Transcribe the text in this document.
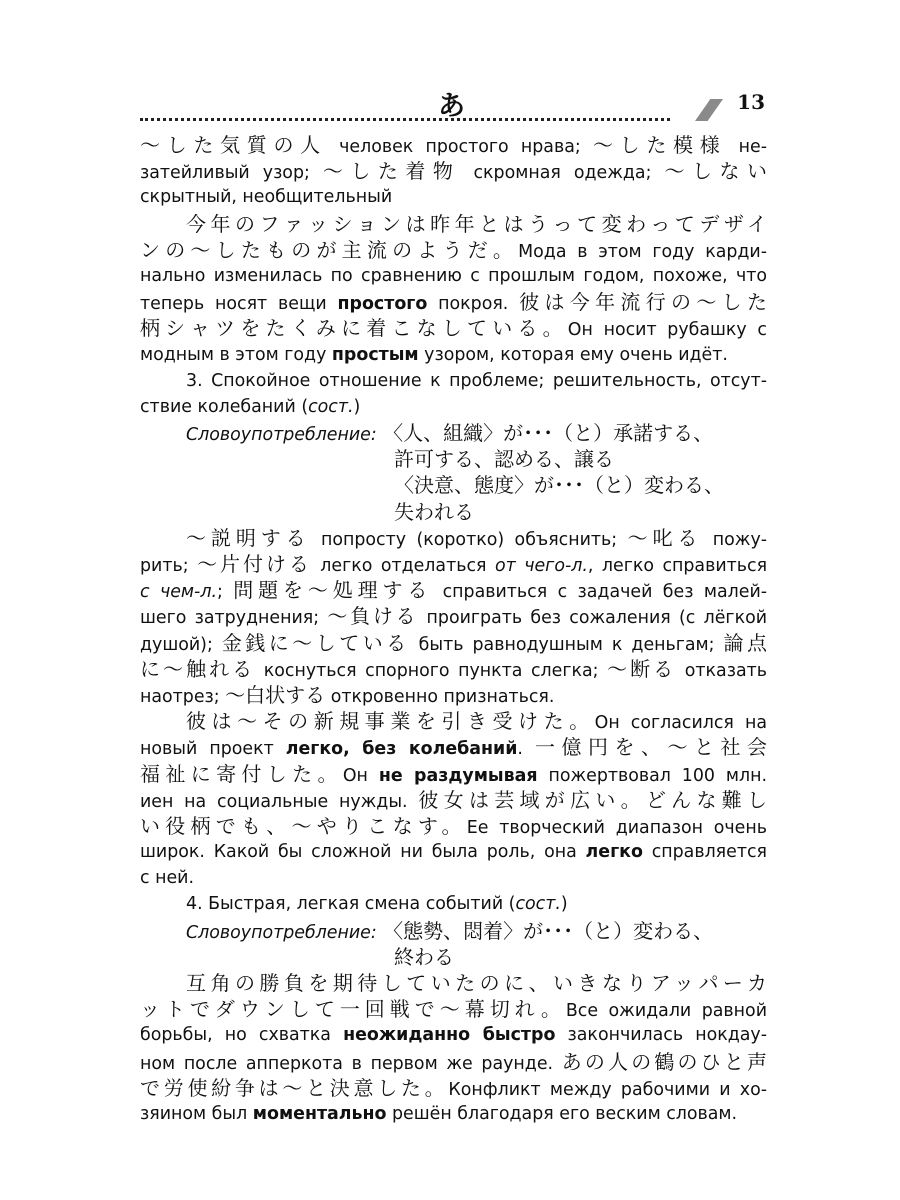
あ	13
～した気質の人 человек простого нрава; ～した模様 не-
затейливый узор; ～した着物 скромная одежда; ～しない
скрытный, необщительный
今年のファッションは昨年とはうって変わってデザイ
ンの～したものが主流のようだ。Мода в этом году карди-
нально изменилась по сравнению с прошлым годом, похоже, что
теперь носят вещи простого покроя. 彼は今年流行の～した
柄シャツをたくみに着こなしている。Он носит рубашку с
модным в этом году простым узором, которая ему очень идёт.
3. Спокойное отношение к проблеме; решительность, отсут-
ствие колебаний (сост.)
Словоупотребление: 〈人、組織〉が･･･（と）承諾する、
許可する、認める、譲る
〈決意、態度〉が･･･（と）変わる、
失われる
～説明する попросту (коротко) объяснить; ～叱る пожу-
рить; ～片付ける легко отделаться от чего-л., легко справиться
с чем-л.; 問題を～処理する справиться с задачей без малей-
шего затруднения; ～負ける проиграть без сожаления (с лёгкой
душой); 金銭に～している быть равнодушным к деньгам; 論点
に～触れる коснуться спорного пункта слегка; ～断る отказать
наотрез; ～白状する откровенно признаться.
彼は～その新規事業を引き受けた。Он согласился на
новый проект легко, без колебаний. 一億円を、～と社会
福祉に寄付した。Он не раздумывая пожертвовал 100 млн.
иен на социальные нужды. 彼女は芸域が広い。どんな難し
い役柄でも、～やりこなす。Ее творческий диапазон очень
широк. Какой бы сложной ни была роль, она легко справляется
с ней.
4. Быстрая, легкая смена событий (сост.)
Словоупотребление: 〈態勢、悶着〉が･･･（と）変わる、
終わる
互角の勝負を期待していたのに、いきなりアッパーカ
ットでダウンして一回戦で～幕切れ。Все ожидали равной
борьбы, но схватка неожиданно быстро закончилась нокдау-
ном после апперкота в первом же раунде. あの人の鶴のひと声
で労使紛争は～と決意した。Конфликт между рабочими и хо-
зяином был моментально решён благодаря его веским словам.
